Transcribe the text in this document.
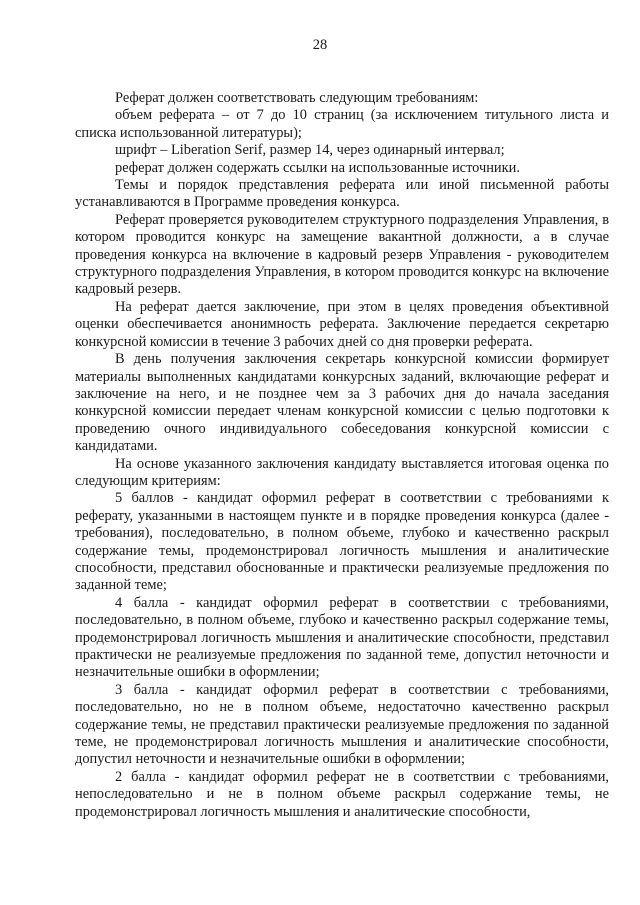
28

Реферат должен соответствовать следующим требованиям:

объем реферата – от 7 до 10 страниц (за исключением титульного листа и списка использованной литературы);

шрифт – Liberation Serif, размер 14, через одинарный интервал;

реферат должен содержать ссылки на использованные источники.

Темы и порядок представления реферата или иной письменной работы устанавливаются в Программе проведения конкурса.

Реферат проверяется руководителем структурного подразделения Управления, в котором проводится конкурс на замещение вакантной должности, а в случае проведения конкурса на включение в кадровый резерв Управления - руководителем структурного подразделения Управления, в котором проводится конкурс на включение кадровый резерв.

На реферат дается заключение, при этом в целях проведения объективной оценки обеспечивается анонимность реферата. Заключение передается секретарю конкурсной комиссии в течение 3 рабочих дней со дня проверки реферата.

В день получения заключения секретарь конкурсной комиссии формирует материалы выполненных кандидатами конкурсных заданий, включающие реферат и заключение на него, и не позднее чем за 3 рабочих дня до начала заседания конкурсной комиссии передает членам конкурсной комиссии с целью подготовки к проведению очного индивидуального собеседования конкурсной комиссии с кандидатами.

На основе указанного заключения кандидату выставляется итоговая оценка по следующим критериям:

5 баллов - кандидат оформил реферат в соответствии с требованиями к реферату, указанными в настоящем пункте и в порядке проведения конкурса (далее - требования), последовательно, в полном объеме, глубоко и качественно раскрыл содержание темы, продемонстрировал логичность мышления и аналитические способности, представил обоснованные и практически реализуемые предложения по заданной теме;

4 балла - кандидат оформил реферат в соответствии с требованиями, последовательно, в полном объеме, глубоко и качественно раскрыл содержание темы, продемонстрировал логичность мышления и аналитические способности, представил практически не реализуемые предложения по заданной теме, допустил неточности и незначительные ошибки в оформлении;

3 балла - кандидат оформил реферат в соответствии с требованиями, последовательно, но не в полном объеме, недостаточно качественно раскрыл содержание темы, не представил практически реализуемые предложения по заданной теме, не продемонстрировал логичность мышления и аналитические способности, допустил неточности и незначительные ошибки в оформлении;

2 балла - кандидат оформил реферат не в соответствии с требованиями, непоследовательно и не в полном объеме раскрыл содержание темы, не продемонстрировал логичность мышления и аналитические способности,
